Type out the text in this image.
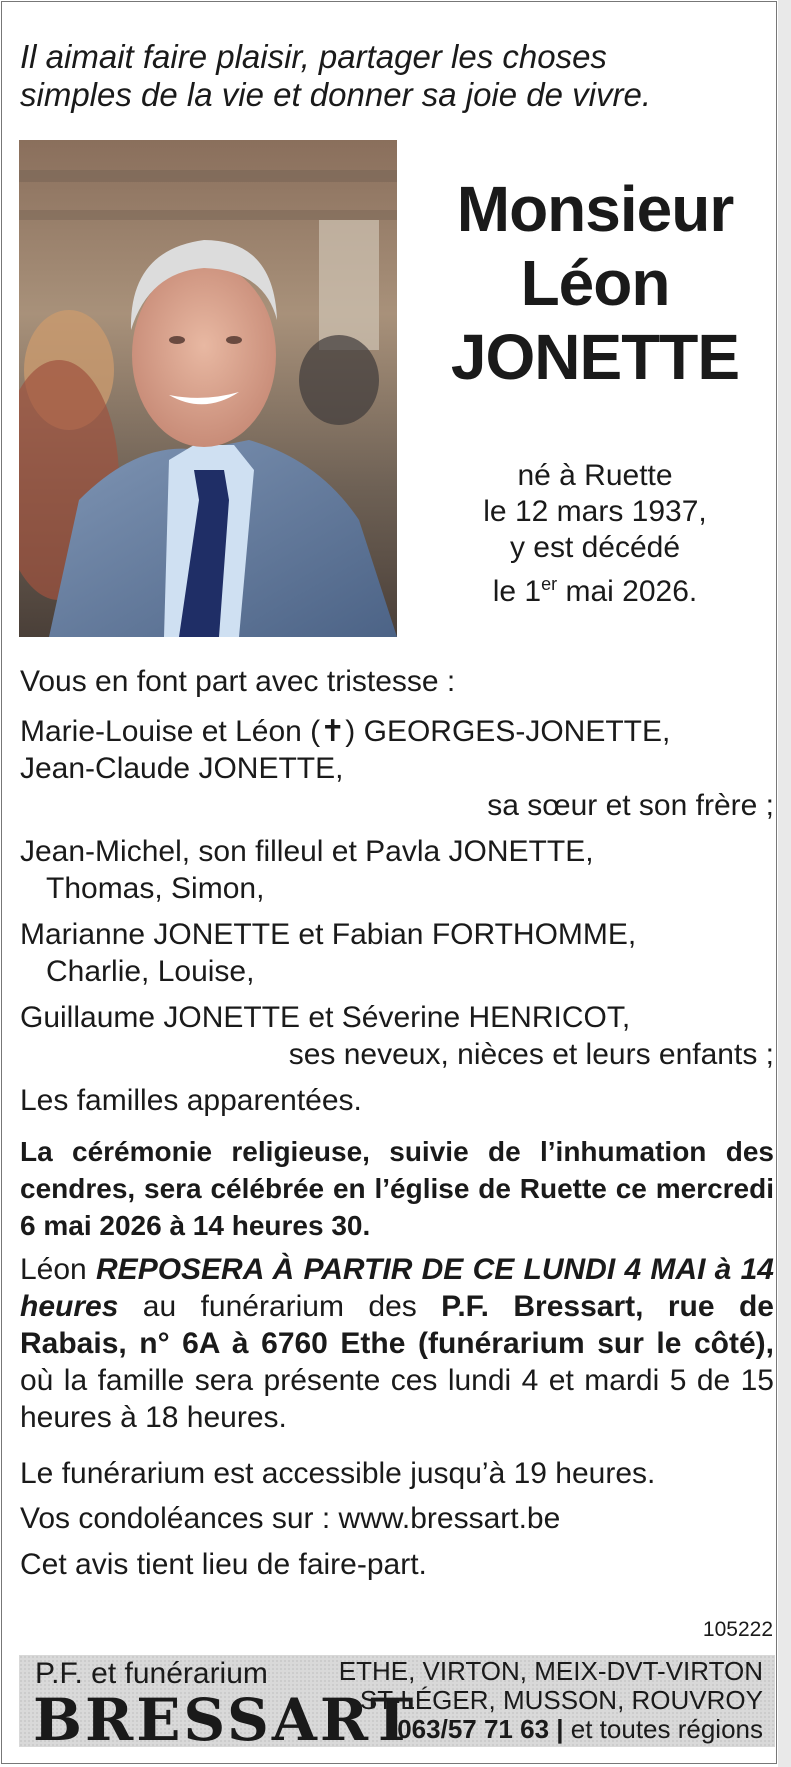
Il aimait faire plaisir, partager les choses
simples de la vie et donner sa joie de vivre.
Monsieur
Léon
JONETTE
né à Ruette
le 12 mars 1937,
y est décédé
le 1er mai 2026.
Vous en font part avec tristesse :
Marie-Louise et Léon (✝) GEORGES-JONETTE,
Jean-Claude JONETTE,
sa sœur et son frère ;
Jean-Michel, son filleul et Pavla JONETTE,
Thomas, Simon,
Marianne JONETTE et Fabian FORTHOMME,
Charlie, Louise,
Guillaume JONETTE et Séverine HENRICOT,
ses neveux, nièces et leurs enfants ;
Les familles apparentées.
La cérémonie religieuse, suivie de l’inhumation des cendres, sera célébrée en l’église de Ruette ce mercredi 6 mai 2026 à 14 heures 30.
Léon REPOSERA À PARTIR DE CE LUNDI 4 MAI à 14 heures au funérarium des P.F. Bressart, rue de Rabais, n° 6A à 6760 Ethe (funérarium sur le côté), où la famille sera présente ces lundi 4 et mardi 5 de 15 heures à 18 heures.
Le funérarium est accessible jusqu’à 19 heures.
Vos condoléances sur : www.bressart.be
Cet avis tient lieu de faire-part.
105222
P.F. et funérarium
BRESSART
ETHE, VIRTON, MEIX-DVT-VIRTON
ST-LÉGER, MUSSON, ROUVROY
063/57 71 63 | et toutes régions
